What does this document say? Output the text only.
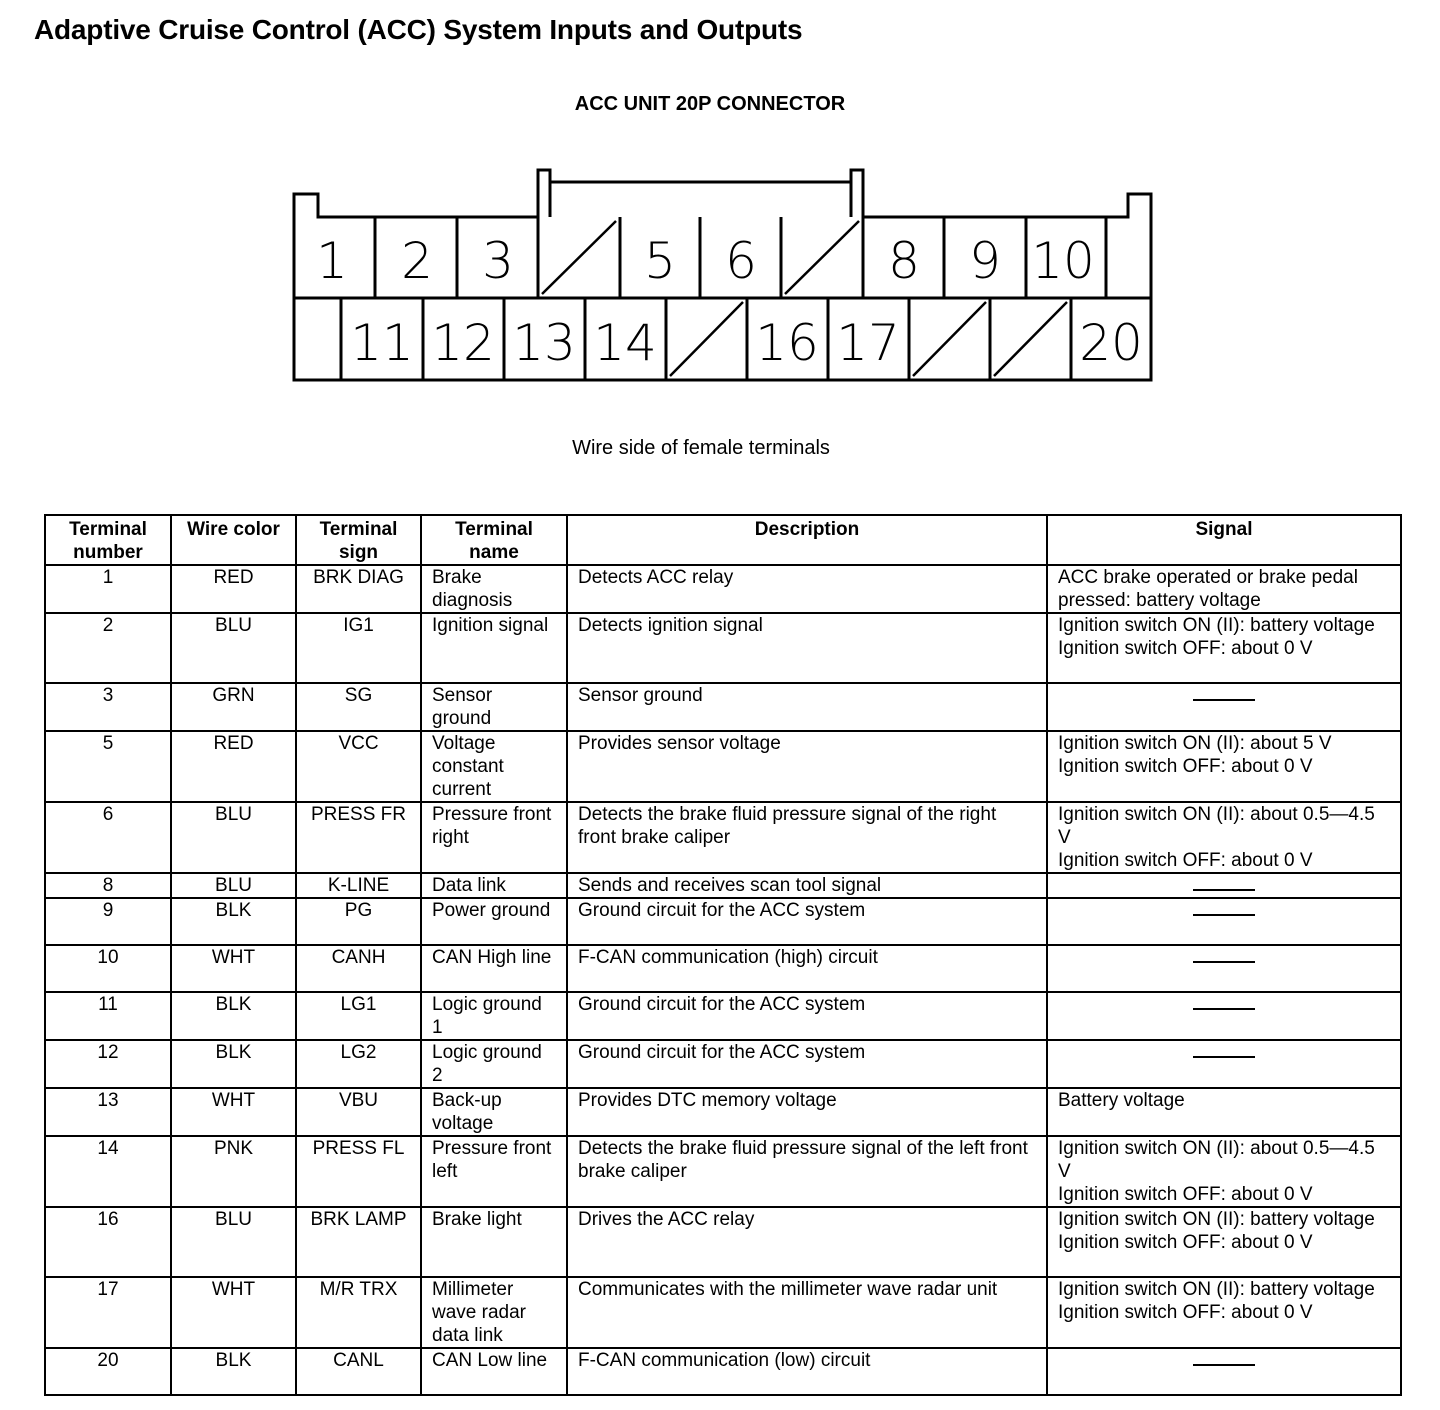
Adaptive Cruise Control (ACC) System Inputs and Outputs
ACC UNIT 20P CONNECTOR
1 2 3	5 6	8 9 10
11 12 13 14 16 17	20
Wire side of female terminals
Terminal number	Wire color	Terminal sign	Terminal name	Description	Signal
1	RED	BRK DIAG	Brake diagnosis	Detects ACC relay	ACC brake operated or brake pedal pressed: battery voltage

2	BLU	IG1	Ignition signal	Detects ignition signal	Ignition switch ON (II): battery voltage
Ignition switch OFF: about 0 V

3	GRN	SG	Sensor ground	Sensor ground	
5	RED	VCC	Voltage constant current	Provides sensor voltage	Ignition switch ON (II): about 5 V
Ignition switch OFF: about 0 V

6	BLU	PRESS FR	Pressure front right	Detects the brake fluid pressure signal of the right front brake caliper	Ignition switch ON (II): about 0.5—4.5 V
Ignition switch OFF: about 0 V

8	BLU	K-LINE	Data link	Sends and receives scan tool signal	
9	BLK	PG	Power ground	Ground circuit for the ACC system	
10	WHT	CANH	CAN High line	F-CAN communication (high) circuit	
11	BLK	LG1	Logic ground 1	Ground circuit for the ACC system	
12	BLK	LG2	Logic ground 2	Ground circuit for the ACC system	
13	WHT	VBU	Back-up voltage	Provides DTC memory voltage	Battery voltage

14	PNK	PRESS FL	Pressure front left	Detects the brake fluid pressure signal of the left front brake caliper	Ignition switch ON (II): about 0.5—4.5 V
Ignition switch OFF: about 0 V

16	BLU	BRK LAMP	Brake light	Drives the ACC relay	Ignition switch ON (II): battery voltage
Ignition switch OFF: about 0 V

17	WHT	M/R TRX	Millimeter wave radar data link	Communicates with the millimeter wave radar unit	Ignition switch ON (II): battery voltage
Ignition switch OFF: about 0 V

20	BLK	CANL	CAN Low line	F-CAN communication (low) circuit	
